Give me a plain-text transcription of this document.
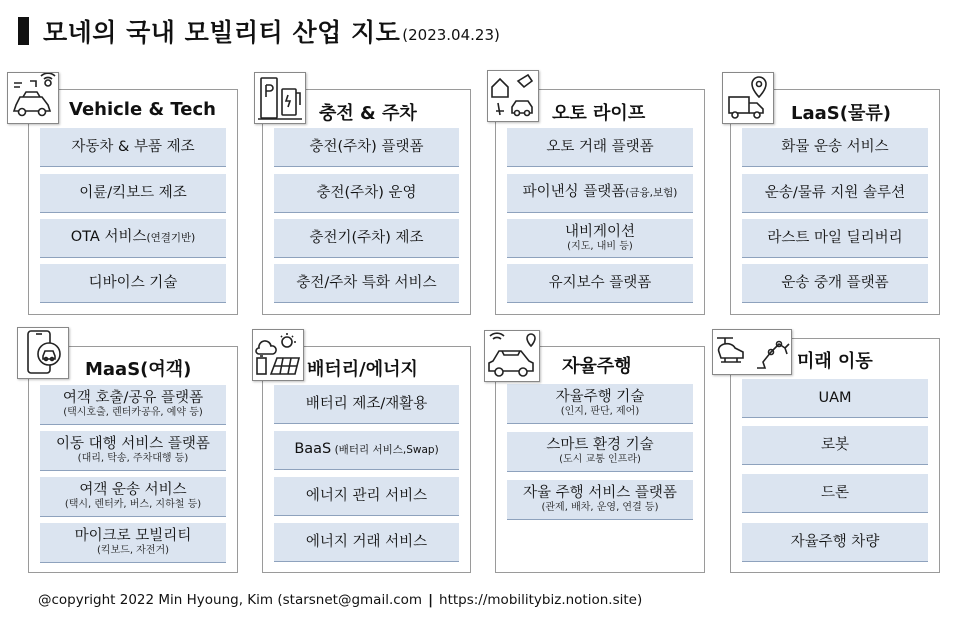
모네의 국내 모빌리티 산업 지도 (2023.04.23)
Vehicle & Tech
자동차 & 부품 제조
이륜/킥보드 제조
OTA 서비스(연결기반)
디바이스 기술
충전 & 주차
충전(주차) 플랫폼
충전(주차) 운영
충전기(주차) 제조
충전/주차 특화 서비스
오토 라이프
오토 거래 플랫폼
파이낸싱 플랫폼(금융,보험)
내비게이션
(지도, 내비 등)
유지보수 플랫폼
LaaS(물류)
화물 운송 서비스
운송/물류 지원 솔루션
라스트 마일 딜리버리
운송 중개 플랫폼
MaaS(여객)
여객 호출/공유 플랫폼
(택시호출, 렌터카공유, 예약 등)
이동 대행 서비스 플랫폼
(대리, 탁송, 주차대행 등)
여객 운송 서비스
(택시, 렌터카, 버스, 지하철 등)
마이크로 모빌리티
(킥보드, 자전거)
배터리/에너지
배터리 제조/재활용
BaaS (배터리 서비스,Swap)
에너지 관리 서비스
에너지 거래 서비스
자율주행
자율주행 기술
(인지, 판단, 제어)
스마트 환경 기술
(도시 교통 인프라)
자율 주행 서비스 플랫폼
(관제, 배차, 운영, 연결 등)
미래 이동
UAM
로봇
드론
자율주행 차량
@copyright 2022 Min Hyoung, Kim (starsnet@gmail.com | https://mobilitybiz.notion.site)
